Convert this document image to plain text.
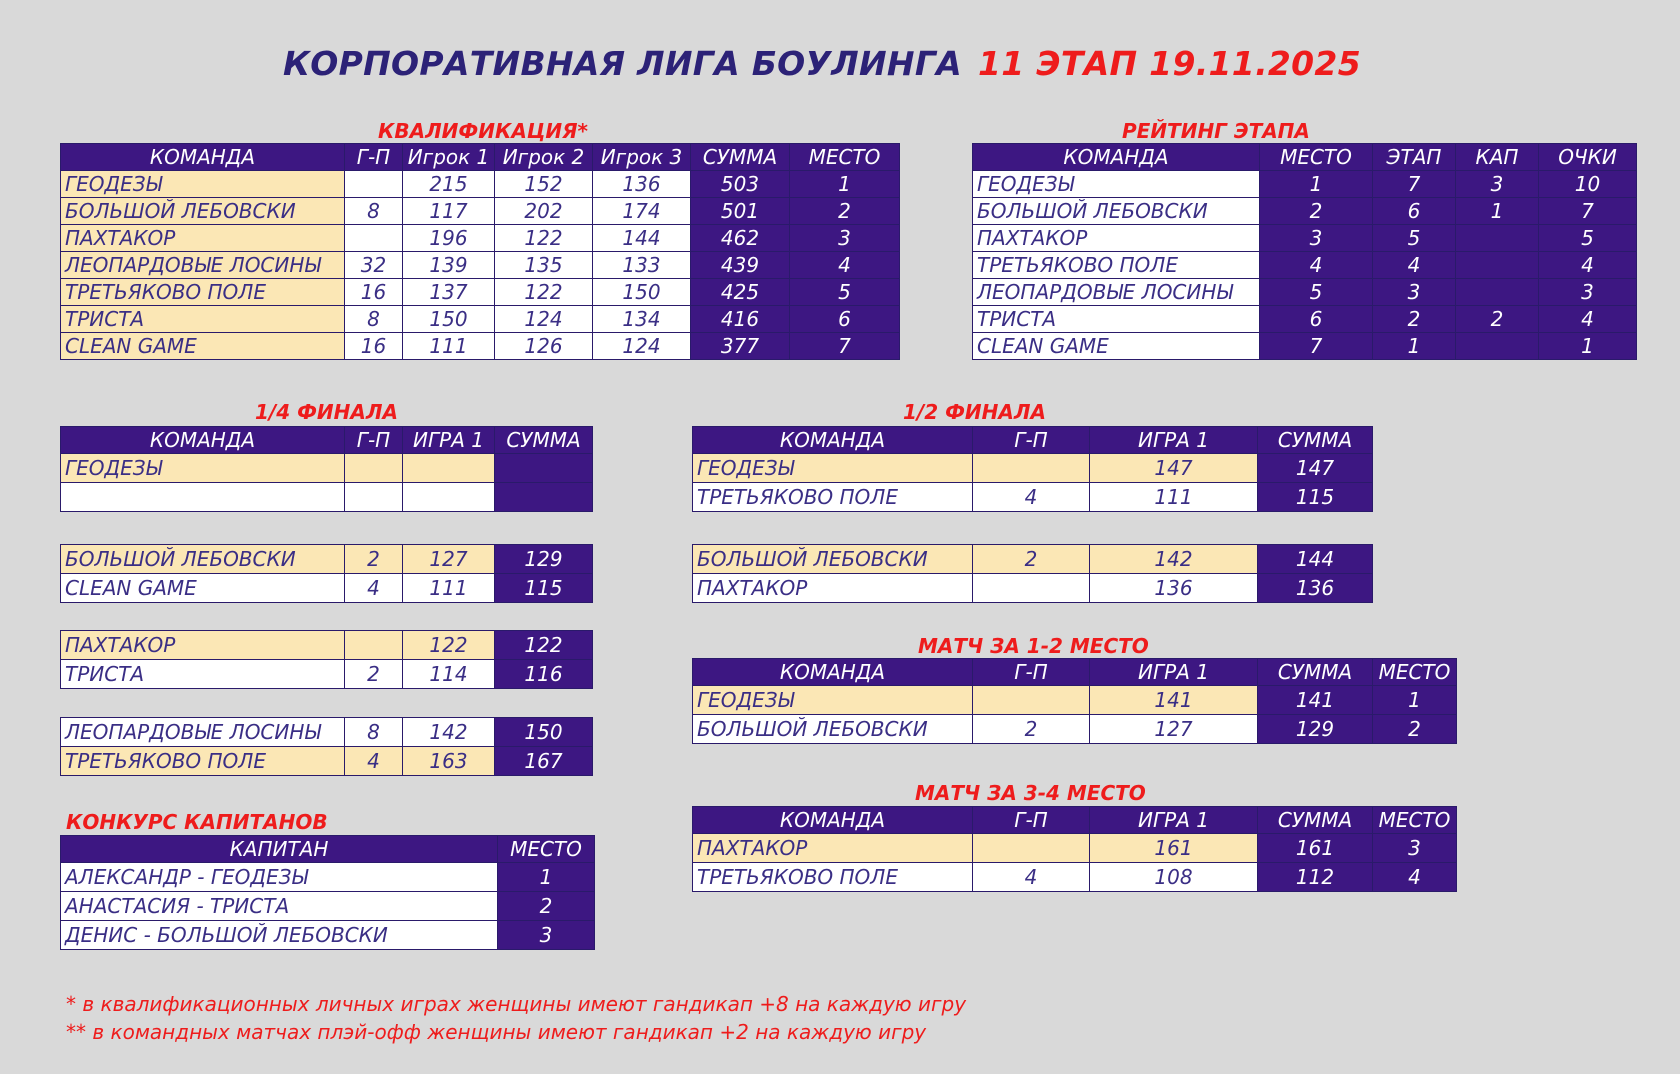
КОРПОРАТИВНАЯ ЛИГА БОУЛИНГА 11 ЭТАП 19.11.2025
КВАЛИФИКАЦИЯ*
КОМАНДА	Г-П	Игрок 1	Игрок 2	Игрок 3	СУММА	МЕСТО
ГЕОДЕЗЫ		215	152	136	503	1
БОЛЬШОЙ ЛЕБОВСКИ	8	117	202	174	501	2
ПАХТАКОР		196	122	144	462	3
ЛЕОПАРДОВЫЕ ЛОСИНЫ	32	139	135	133	439	4
ТРЕТЬЯКОВО ПОЛЕ	16	137	122	150	425	5
ТРИСТА	8	150	124	134	416	6
CLEAN GAME	16	111	126	124	377	7
РЕЙТИНГ ЭТАПА
КОМАНДА	МЕСТО	ЭТАП	КАП	ОЧКИ
ГЕОДЕЗЫ	1	7	3	10
БОЛЬШОЙ ЛЕБОВСКИ	2	6	1	7
ПАХТАКОР	3	5		5
ТРЕТЬЯКОВО ПОЛЕ	4	4		4
ЛЕОПАРДОВЫЕ ЛОСИНЫ	5	3		3
ТРИСТА	6	2	2	4
CLEAN GAME	7	1		1
1/4 ФИНАЛА
КОМАНДА	Г-П	ИГРА 1	СУММА
ГЕОДЕЗЫ			

БОЛЬШОЙ ЛЕБОВСКИ	2	127	129
CLEAN GAME	4	111	115
ПАХТАКОР		122	122
ТРИСТА	2	114	116
ЛЕОПАРДОВЫЕ ЛОСИНЫ	8	142	150
ТРЕТЬЯКОВО ПОЛЕ	4	163	167
1/2 ФИНАЛА
КОМАНДА	Г-П	ИГРА 1	СУММА
ГЕОДЕЗЫ		147	147
ТРЕТЬЯКОВО ПОЛЕ	4	111	115
БОЛЬШОЙ ЛЕБОВСКИ	2	142	144
ПАХТАКОР		136	136
МАТЧ ЗА 1-2 МЕСТО
КОМАНДА	Г-П	ИГРА 1	СУММА	МЕСТО
ГЕОДЕЗЫ		141	141	1
БОЛЬШОЙ ЛЕБОВСКИ	2	127	129	2
МАТЧ ЗА 3-4 МЕСТО
КОМАНДА	Г-П	ИГРА 1	СУММА	МЕСТО
ПАХТАКОР		161	161	3
ТРЕТЬЯКОВО ПОЛЕ	4	108	112	4
КОНКУРС КАПИТАНОВ
КАПИТАН	МЕСТО
АЛЕКСАНДР - ГЕОДЕЗЫ	1
АНАСТАСИЯ - ТРИСТА	2
ДЕНИС - БОЛЬШОЙ ЛЕБОВСКИ	3
* в квалификационных личных играх женщины имеют гандикап +8 на каждую игру
** в командных матчах плэй-офф женщины имеют гандикап +2 на каждую игру
